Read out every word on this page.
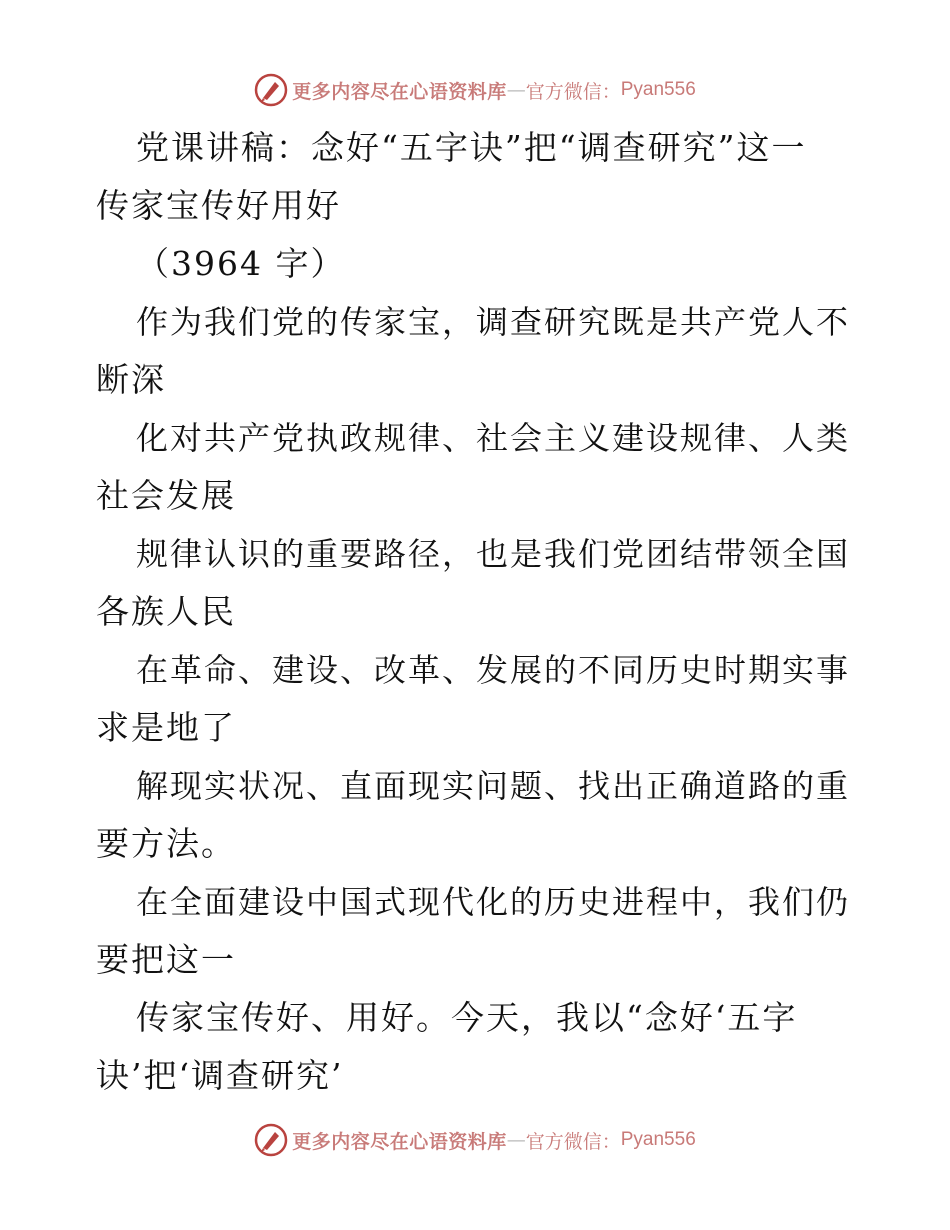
更多内容尽在心语资料库 — 官方微信： Pyan556
党课讲稿：念好“五字诀”把“调查研究”这一
传家宝传好用好
（3964 字）
作为我们党的传家宝，调查研究既是共产党人不
断深
化对共产党执政规律、社会主义建设规律、人类
社会发展
规律认识的重要路径，也是我们党团结带领全国
各族人民
在革命、建设、改革、发展的不同历史时期实事
求是地了
解现实状况、直面现实问题、找出正确道路的重
要方法。
在全面建设中国式现代化的历史进程中，我们仍
要把这一
传家宝传好、用好。今天，我以“念好‘五字
诀’把‘调查研究’
更多内容尽在心语资料库 — 官方微信： Pyan556
